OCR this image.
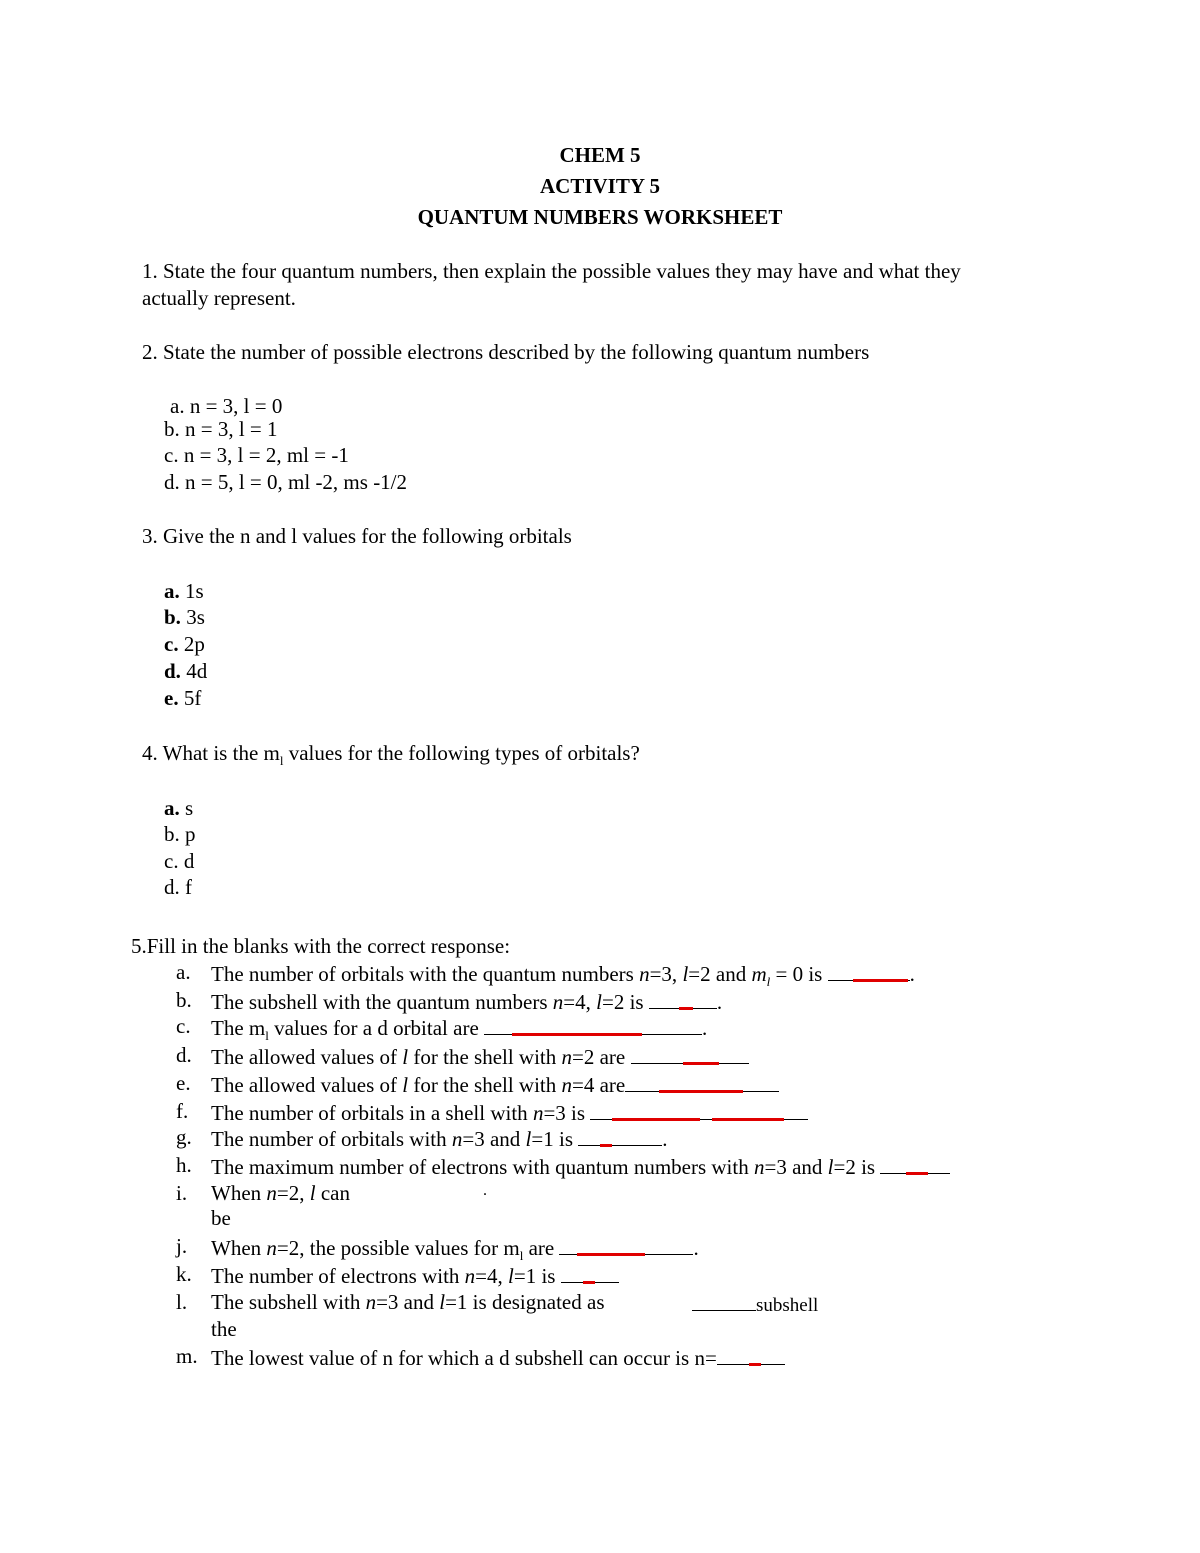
CHEM 5
ACTIVITY 5
QUANTUM NUMBERS WORKSHEET
1. State the four quantum numbers, then explain the possible values they may have and what they
actually represent.
2. State the number of possible electrons described by the following quantum numbers
a. n = 3, l = 0
b. n = 3, l = 1
c. n = 3, l = 2, ml = -1
d. n = 5, l = 0, ml -2, ms -1/2
3. Give the n and l values for the following orbitals
a. 1s
b. 3s
c. 2p
d. 4d
e. 5f
4. What is the $m_l$ values for the following types of orbitals?
a. s
b. p
c. d
d. f
5.Fill in the blanks with the correct response:
a. The number of orbitals with the quantum numbers n=3, l=2 and $m_l = 0$ is	.
b. The subshell with the quantum numbers n=4, l=2 is	.
c. The $m_l$ values for a d orbital are	.
d. The allowed values of l for the shell with n=2 are
e. The allowed values of l for the shell with n=4 are
f. The number of orbitals in a shell with n=3 is
g. The number of orbitals with n=3 and l=1 is	.
h. The maximum number of electrons with quantum numbers with n=3 and l=2 is
i. When n=2, l can	.
be
j. When n=2, the possible values for $m_l$ are	.
k. The number of electrons with n=4, l=1 is
l. The subshell with n=3 and l=1 is designated as	subshell
the
m. The lowest value of n for which a d subshell can occur is n=
